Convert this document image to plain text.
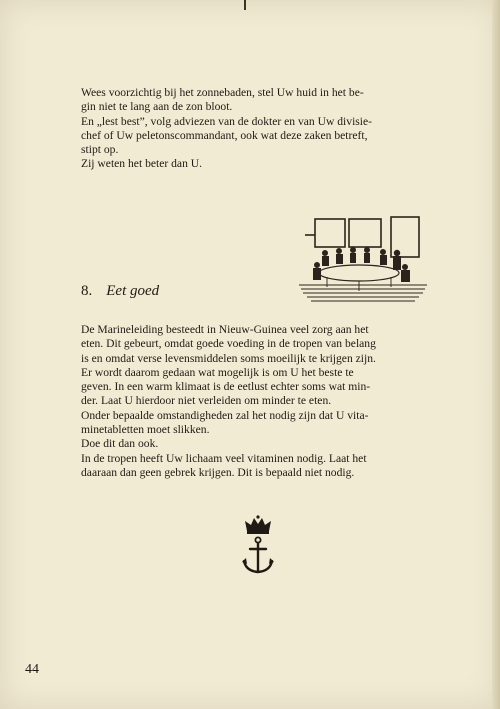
Wees voorzichtig bij het zonnebaden, stel Uw huid in het be-
gin niet te lang aan de zon bloot.
En „lest best”, volg adviezen van de dokter en van Uw divisie-
chef of Uw peletonscommandant, ook wat deze zaken betreft,
stipt op.
Zij weten het beter dan U.
8. Eet goed
De Marineleiding besteedt in Nieuw-Guinea veel zorg aan het
eten. Dit gebeurt, omdat goede voeding in de tropen van belang
is en omdat verse levensmiddelen soms moeilijk te krijgen zijn.
Er wordt daarom gedaan wat mogelijk is om U het beste te
geven. In een warm klimaat is de eetlust echter soms wat min-
der. Laat U hierdoor niet verleiden om minder te eten.
Onder bepaalde omstandigheden zal het nodig zijn dat U vita-
minetabletten moet slikken.
Doe dit dan ook.
In de tropen heeft Uw lichaam veel vitaminen nodig. Laat het
daaraan dan geen gebrek krijgen. Dit is bepaald niet nodig.
44
